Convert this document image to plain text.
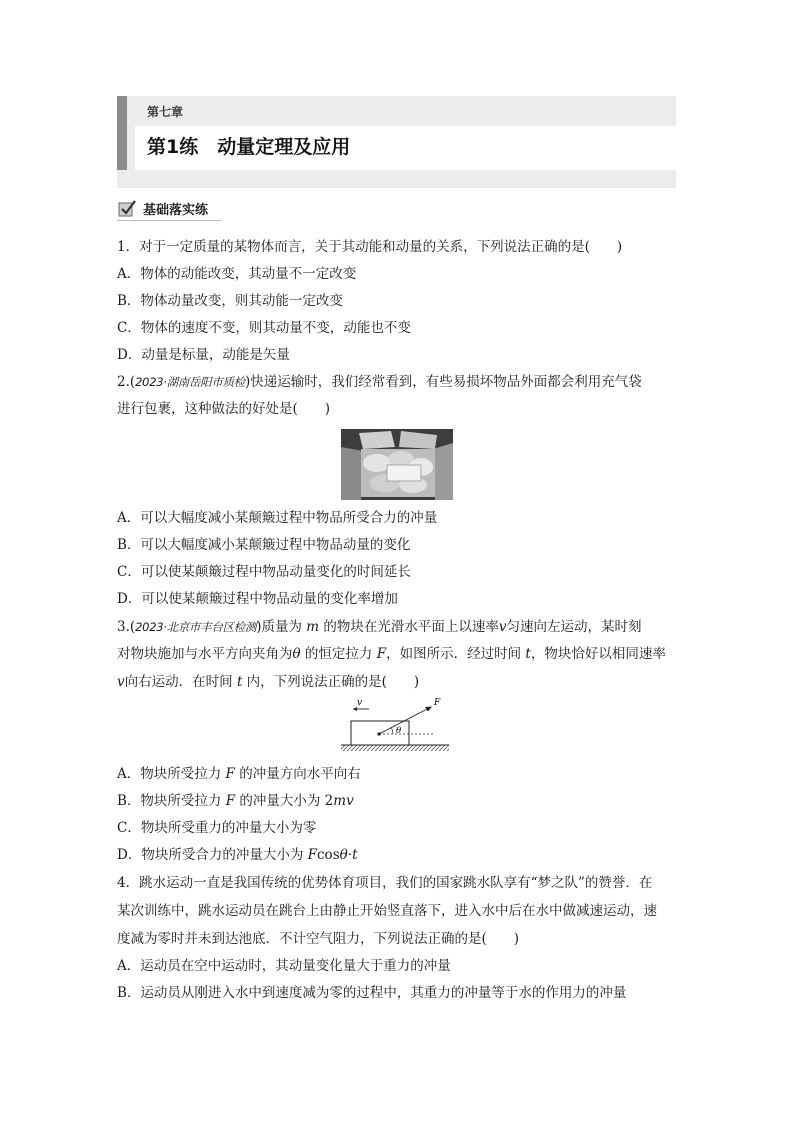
第七章
第1练　动量定理及应用
基础落实练
1．对于一定质量的某物体而言，关于其动能和动量的关系，下列说法正确的是(　　)
A．物体的动能改变，其动量不一定改变
B．物体动量改变，则其动能一定改变
C．物体的速度不变，则其动量不变，动能也不变
D．动量是标量，动能是矢量
2.(2023·湖南岳阳市质检)快递运输时，我们经常看到，有些易损坏物品外面都会利用充气袋
进行包裹，这种做法的好处是(　　)
A．可以大幅度减小某颠簸过程中物品所受合力的冲量
B．可以大幅度减小某颠簸过程中物品动量的变化
C．可以使某颠簸过程中物品动量变化的时间延长
D．可以使某颠簸过程中物品动量的变化率增加
3.(2023·北京市丰台区检测)质量为 m 的物块在光滑水平面上以速率v匀速向左运动，某时刻
对物块施加与水平方向夹角为θ 的恒定拉力 F，如图所示．经过时间 t，物块恰好以相同速率
v向右运动．在时间 t 内，下列说法正确的是(　　)
v
θ
F
A．物块所受拉力 F 的冲量方向水平向右
B．物块所受拉力 F 的冲量大小为 2mv
C．物块所受重力的冲量大小为零
D．物块所受合力的冲量大小为 Fcosθ·t
4．跳水运动一直是我国传统的优势体育项目，我们的国家跳水队享有“梦之队”的赞誉．在
某次训练中，跳水运动员在跳台上由静止开始竖直落下，进入水中后在水中做减速运动，速
度减为零时并未到达池底．不计空气阻力，下列说法正确的是(　　)
A．运动员在空中运动时，其动量变化量大于重力的冲量
B．运动员从刚进入水中到速度减为零的过程中，其重力的冲量等于水的作用力的冲量
